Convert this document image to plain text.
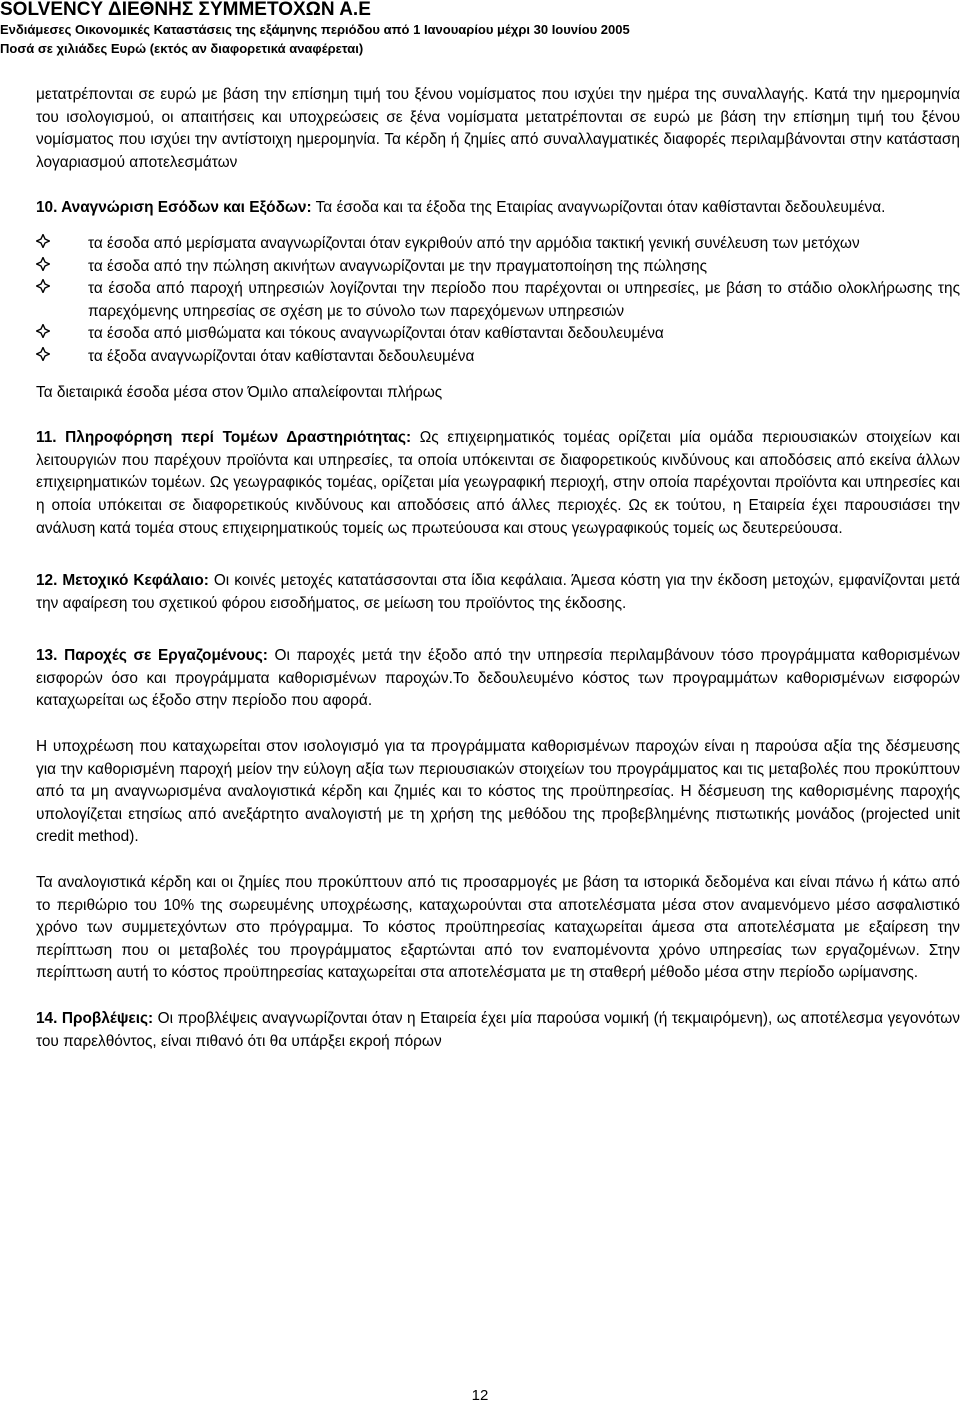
SOLVENCY ΔΙΕΘΝΗΣ ΣΥΜΜΕΤΟΧΩΝ Α.Ε

Ενδιάμεσες Οικονομικές Καταστάσεις της εξάμηνης περιόδου από 1 Ιανουαρίου μέχρι 30 Ιουνίου 2005

Ποσά σε χιλιάδες Ευρώ (εκτός αν διαφορετικά αναφέρεται)

μετατρέπονται σε ευρώ με βάση την επίσημη τιμή του ξένου νομίσματος που ισχύει την ημέρα της συναλλαγής. Κατά την ημερομηνία του ισολογισμού, οι απαιτήσεις και υποχρεώσεις σε ξένα νομίσματα μετατρέπονται σε ευρώ με βάση την επίσημη τιμή του ξένου νομίσματος που ισχύει την αντίστοιχη ημερομηνία. Τα κέρδη ή ζημίες από συναλλαγματικές διαφορές περιλαμβάνονται στην κατάσταση λογαριασμού αποτελεσμάτων

10. Αναγνώριση Εσόδων και Εξόδων: Τα έσοδα και τα έξοδα της Εταιρίας αναγνωρίζονται όταν καθίστανται δεδουλευμένα.

τα έσοδα από μερίσματα αναγνωρίζονται όταν εγκριθούν από την αρμόδια τακτική γενική συνέλευση των μετόχων
τα έσοδα από την πώληση ακινήτων αναγνωρίζονται με την πραγματοποίηση της πώλησης
τα έσοδα από παροχή υπηρεσιών λογίζονται την περίοδο που παρέχονται οι υπηρεσίες, με βάση το στάδιο ολοκλήρωσης της παρεχόμενης υπηρεσίας σε σχέση με το σύνολο των παρεχόμενων υπηρεσιών
τα έσοδα από μισθώματα και τόκους αναγνωρίζονται όταν καθίστανται δεδουλευμένα
τα έξοδα αναγνωρίζονται όταν καθίστανται δεδουλευμένα

Τα διεταιρικά έσοδα μέσα στον Όμιλο απαλείφονται πλήρως

11. Πληροφόρηση περί Τομέων Δραστηριότητας: Ως επιχειρηματικός τομέας ορίζεται μία ομάδα περιουσιακών στοιχείων και λειτουργιών που παρέχουν προϊόντα και υπηρεσίες, τα οποία υπόκεινται σε διαφορετικούς κινδύνους και αποδόσεις από εκείνα άλλων επιχειρηματικών τομέων. Ως γεωγραφικός τομέας, ορίζεται μία γεωγραφική περιοχή, στην οποία παρέχονται προϊόντα και υπηρεσίες και η οποία υπόκειται σε διαφορετικούς κινδύνους και αποδόσεις από άλλες περιοχές. Ως εκ τούτου, η Εταιρεία έχει παρουσιάσει την ανάλυση κατά τομέα στους επιχειρηματικούς τομείς ως πρωτεύουσα και στους γεωγραφικούς τομείς ως δευτερεύουσα.

12. Μετοχικό Κεφάλαιο: Οι κοινές μετοχές κατατάσσονται στα ίδια κεφάλαια. Άμεσα κόστη για την έκδοση μετοχών, εμφανίζονται μετά την αφαίρεση του σχετικού φόρου εισοδήματος, σε μείωση του προϊόντος της έκδοσης.

13. Παροχές σε Εργαζομένους: Οι παροχές μετά την έξοδο από την υπηρεσία περιλαμβάνουν τόσο προγράμματα καθορισμένων εισφορών όσο και προγράμματα καθορισμένων παροχών.Το δεδουλευμένο κόστος των προγραμμάτων καθορισμένων εισφορών καταχωρείται ως έξοδο στην περίοδο που αφορά.

Η υποχρέωση που καταχωρείται στον ισολογισμό για τα προγράμματα καθορισμένων παροχών είναι η παρούσα αξία της δέσμευσης για την καθορισμένη παροχή μείον την εύλογη αξία των περιουσιακών στοιχείων του προγράμματος και τις μεταβολές που προκύπτουν από τα μη αναγνωρισμένα αναλογιστικά κέρδη και ζημιές και το κόστος της προϋπηρεσίας. Η δέσμευση της καθορισμένης παροχής υπολογίζεται ετησίως από ανεξάρτητο αναλογιστή με τη χρήση της μεθόδου της προβεβλημένης πιστωτικής μονάδος (projected unit credit method).

Τα αναλογιστικά κέρδη και οι ζημίες που προκύπτουν από τις προσαρμογές με βάση τα ιστορικά δεδομένα και είναι πάνω ή κάτω από το περιθώριο του 10% της σωρευμένης υποχρέωσης, καταχωρούνται στα αποτελέσματα μέσα στον αναμενόμενο μέσο ασφαλιστικό χρόνο των συμμετεχόντων στο πρόγραμμα. Το κόστος προϋπηρεσίας καταχωρείται άμεσα στα αποτελέσματα με εξαίρεση την περίπτωση που οι μεταβολές του προγράμματος εξαρτώνται από τον εναπομένοντα χρόνο υπηρεσίας των εργαζομένων. Στην περίπτωση αυτή το κόστος προϋπηρεσίας καταχωρείται στα αποτελέσματα με τη σταθερή μέθοδο μέσα στην περίοδο ωρίμανσης.

14. Προβλέψεις: Οι προβλέψεις αναγνωρίζονται όταν η Εταιρεία έχει μία παρούσα νομική (ή τεκμαιρόμενη), ως αποτέλεσμα γεγονότων του παρελθόντος, είναι πιθανό ότι θα υπάρξει εκροή πόρων

12
